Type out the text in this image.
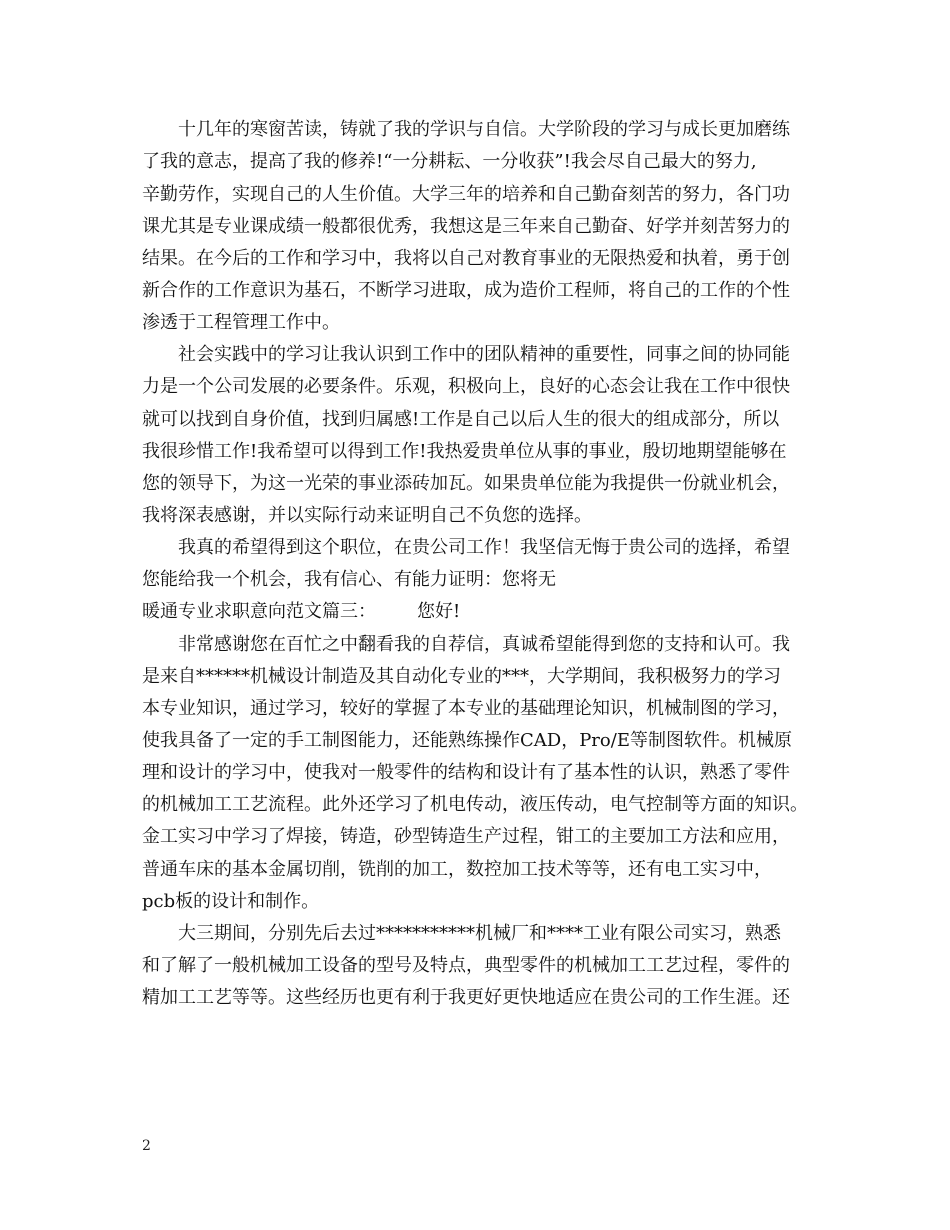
十几年的寒窗苦读，铸就了我的学识与自信。大学阶段的学习与成长更加磨练
了我的意志，提高了我的修养!“一分耕耘、一分收获”!我会尽自己最大的努力,
辛勤劳作，实现自己的人生价值。大学三年的培养和自己勤奋刻苦的努力，各门功
课尤其是专业课成绩一般都很优秀，我想这是三年来自己勤奋、好学并刻苦努力的
结果。在今后的工作和学习中，我将以自己对教育事业的无限热爱和执着，勇于创
新合作的工作意识为基石，不断学习进取，成为造价工程师，将自己的工作的个性
渗透于工程管理工作中。
社会实践中的学习让我认识到工作中的团队精神的重要性，同事之间的协同能
力是一个公司发展的必要条件。乐观，积极向上，良好的心态会让我在工作中很快
就可以找到自身价值，找到归属感!工作是自己以后人生的很大的组成部分，所以
我很珍惜工作!我希望可以得到工作!我热爱贵单位从事的事业，殷切地期望能够在
您的领导下，为这一光荣的事业添砖加瓦。如果贵单位能为我提供一份就业机会，
我将深表感谢，并以实际行动来证明自己不负您的选择。
我真的希望得到这个职位，在贵公司工作！我坚信无悔于贵公司的选择，希望
您能给我一个机会，我有信心、有能力证明：您将无
暖通专业求职意向范文篇三： 您好!
非常感谢您在百忙之中翻看我的自荐信，真诚希望能得到您的支持和认可。我
是来自******机械设计制造及其自动化专业的***，大学期间，我积极努力的学习
本专业知识，通过学习，较好的掌握了本专业的基础理论知识，机械制图的学习，
使我具备了一定的手工制图能力，还能熟练操作CAD，Pro/E等制图软件。机械原
理和设计的学习中，使我对一般零件的结构和设计有了基本性的认识，熟悉了零件
的机械加工工艺流程。此外还学习了机电传动，液压传动，电气控制等方面的知识。
金工实习中学习了焊接，铸造，砂型铸造生产过程，钳工的主要加工方法和应用，
普通车床的基本金属切削，铣削的加工，数控加工技术等等，还有电工实习中，
pcb板的设计和制作。
大三期间，分别先后去过***********机械厂和****工业有限公司实习，熟悉
和了解了一般机械加工设备的型号及特点，典型零件的机械加工工艺过程，零件的
精加工工艺等等。这些经历也更有利于我更好更快地适应在贵公司的工作生涯。还
2
